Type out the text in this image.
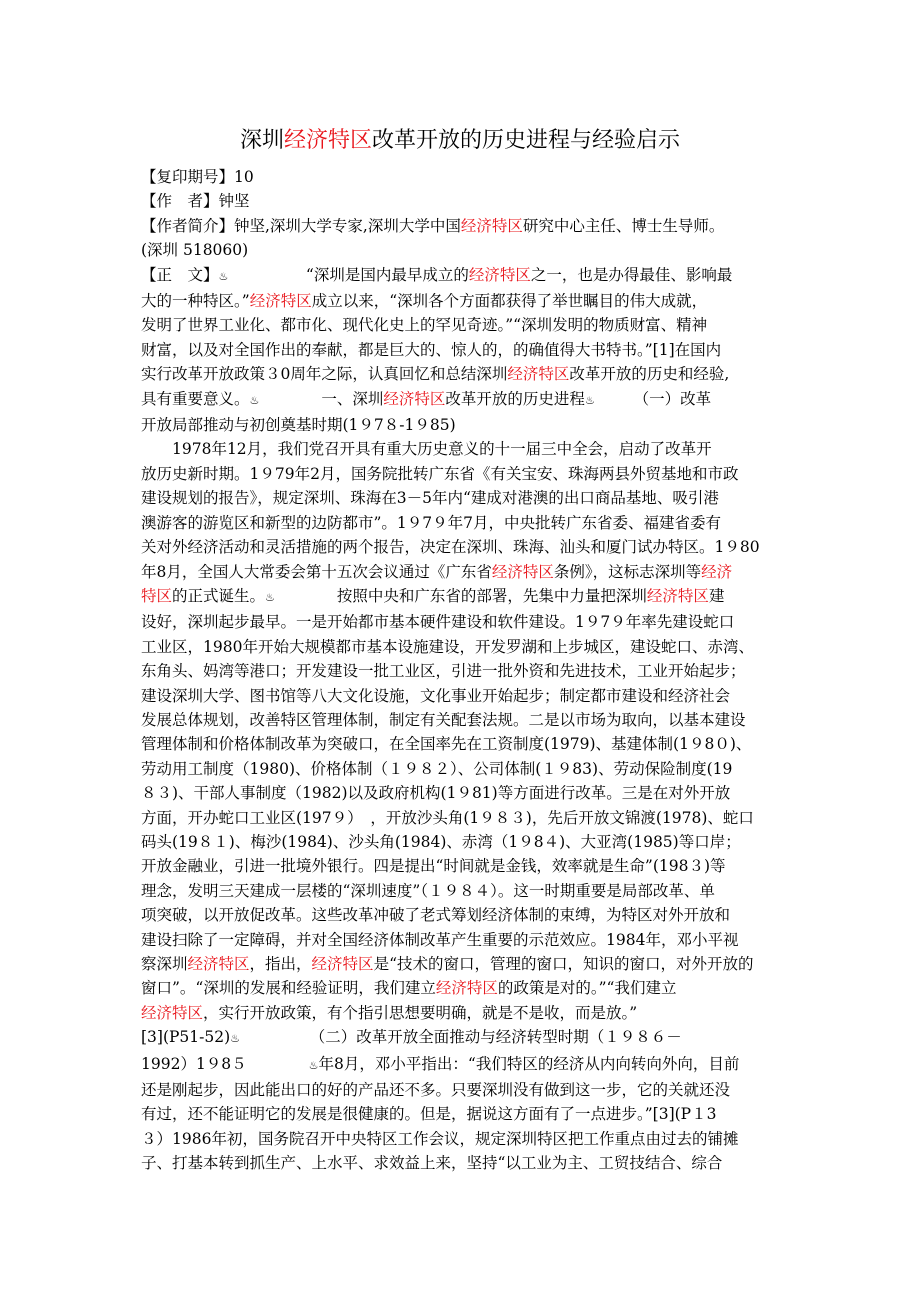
深圳经济特区改革开放的历史进程与经验启示
【复印期号】10
【作　者】钟坚
【作者简介】钟坚,深圳大学专家,深圳大学中国经济特区研究中心主任、博士生导师。
(深圳 518060)
【正　文】♨　　　　　“深圳是国内最早成立的经济特区之一，也是办得最佳、影响最
大的一种特区。”经济特区成立以来，“深圳各个方面都获得了举世瞩目的伟大成就，
发明了世界工业化、都市化、现代化史上的罕见奇迹。”“深圳发明的物质财富、精神
财富，以及对全国作出的奉献，都是巨大的、惊人的，的确值得大书特书。”[1]在国内
实行改革开放政策３0周年之际，认真回忆和总结深圳经济特区改革开放的历史和经验,
具有重要意义。♨　　　　一、深圳经济特区改革开放的历史进程♨　　　（一）改革
开放局部推动与初创奠基时期(1９7８-1９85)
　　1978年12月，我们党召开具有重大历史意义的十一届三中全会，启动了改革开
放历史新时期。1９79年2月，国务院批转广东省《有关宝安、珠海两县外贸基地和市政
建设规划的报告》，规定深圳、珠海在3－5年内“建成对港澳的出口商品基地、吸引港
澳游客的游览区和新型的边防都市”。1９7９年7月，中央批转广东省委、福建省委有
关对外经济活动和灵活措施的两个报告，决定在深圳、珠海、汕头和厦门试办特区。1９80
年8月，全国人大常委会第十五次会议通过《广东省经济特区条例》，这标志深圳等经济
特区的正式诞生。♨　　　　按照中央和广东省的部署，先集中力量把深圳经济特区建
设好，深圳起步最早。一是开始都市基本硬件建设和软件建设。1９7９年率先建设蛇口
工业区，1980年开始大规模都市基本设施建设，开发罗湖和上步城区，建设蛇口、赤湾、
东角头、妈湾等港口；开发建设一批工业区，引进一批外资和先进技术，工业开始起步；
建设深圳大学、图书馆等八大文化设施，文化事业开始起步；制定都市建设和经济社会
发展总体规划，改善特区管理体制，制定有关配套法规。二是以市场为取向，以基本建设
管理体制和价格体制改革为突破口，在全国率先在工资制度(1979)、基建体制(1９8０)、
劳动用工制度（1980)、价格体制（１９８２）、公司体制(１９83)、劳动保险制度(19
８３)、干部人事制度（1982)以及政府机构(1９81)等方面进行改革。三是在对外开放
方面，开办蛇口工业区(197９）　，开放沙头角(1９８３)，先后开放文锦渡(1978)、蛇口
码头(19８１)、梅沙(1984)、沙头角(1984)、赤湾（1９8４)、大亚湾(1985)等口岸；
开放金融业，引进一批境外银行。四是提出“时间就是金钱，效率就是生命”(198３)等
理念，发明三天建成一层楼的“深圳速度”（１９８４）。这一时期重要是局部改革、单
项突破，以开放促改革。这些改革冲破了老式筹划经济体制的束缚，为特区对外开放和
建设扫除了一定障碍，并对全国经济体制改革产生重要的示范效应。1984年，邓小平视
察深圳经济特区，指出，经济特区是“技术的窗口，管理的窗口，知识的窗口，对外开放的
窗口”。“深圳的发展和经验证明，我们建立经济特区的政策是对的。”“我们建立
经济特区，实行开放政策，有个指引思想要明确，就是不是收，而是放。”
[3](P51-52)♨　　　　　（二）改革开放全面推动与经济转型时期（１９８６－
1992）1９8５　　　　♨年8月，邓小平指出：“我们特区的经济从内向转向外向，目前
还是刚起步，因此能出口的好的产品还不多。只要深圳没有做到这一步，它的关就还没
有过，还不能证明它的发展是很健康的。但是，据说这方面有了一点进步。”[3](P１3
３）1986年初，国务院召开中央特区工作会议，规定深圳特区把工作重点由过去的铺摊
子、打基本转到抓生产、上水平、求效益上来，坚持“以工业为主、工贸技结合、综合
